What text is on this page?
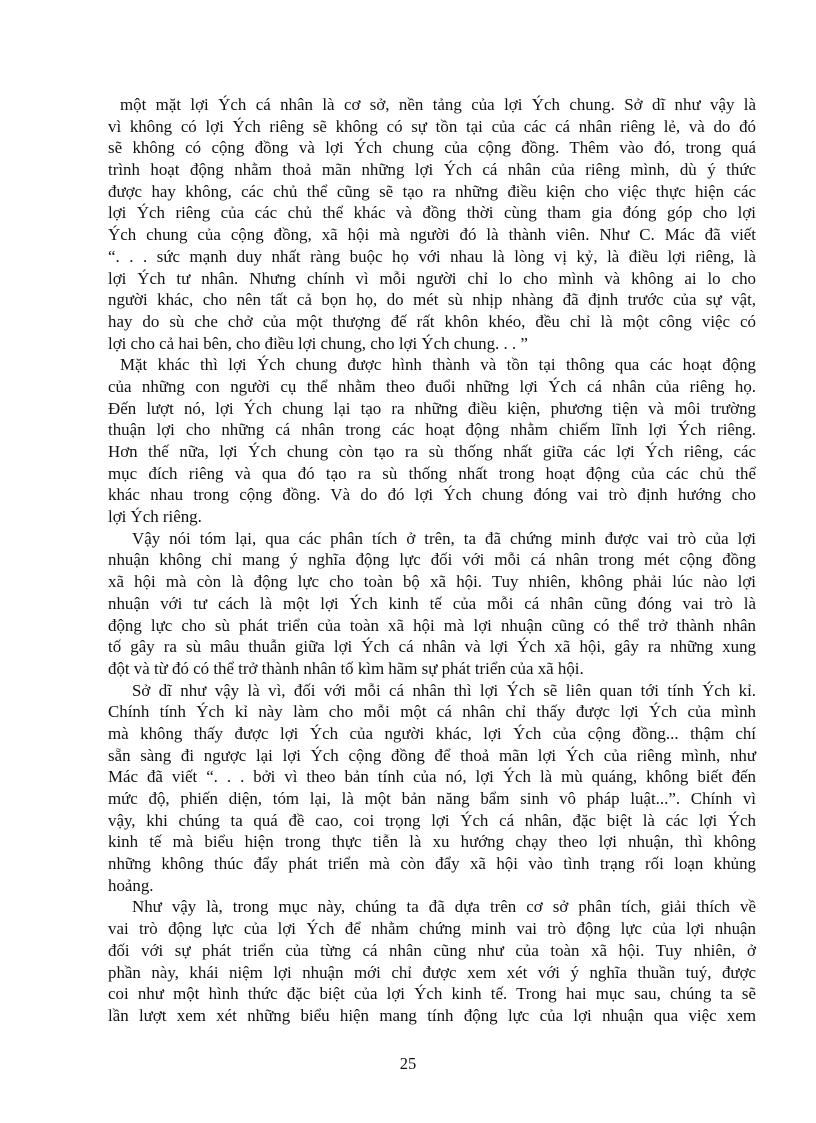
một mặt lợi Ých cá nhân là cơ sở, nền tảng của lợi Ých chung. Sở dĩ như vậy là
vì không có lợi Ých riêng sẽ không có sự tồn tại của các cá nhân riêng lẻ, và do đó
sẽ không có cộng đồng và lợi Ých chung của cộng đồng. Thêm vào đó, trong quá
trình hoạt động nhằm thoả mãn những lợi Ých cá nhân của riêng mình, dù ý thức
được hay không, các chủ thể cũng sẽ tạo ra những điều kiện cho việc thực hiện các
lợi Ých riêng của các chủ thể khác và đồng thời cùng tham gia đóng góp cho lợi
Ých chung của cộng đồng, xã hội mà người đó là thành viên. Như C. Mác đã viết
“. . . sức mạnh duy nhất ràng buộc họ với nhau là lòng vị kỷ, là điều lợi riêng, là
lợi Ých tư nhân. Nhưng chính vì mỗi người chỉ lo cho mình và không ai lo cho
người khác, cho nên tất cả bọn họ, do mét sù nhịp nhàng đã định trước của sự vật,
hay do sù che chở của một thượng đế rất khôn khéo, đều chỉ là một công việc có
lợi cho cả hai bên, cho điều lợi chung, cho lợi Ých chung. . . ”
Mặt khác thì lợi Ých chung được hình thành và tồn tại thông qua các hoạt động
của những con người cụ thể nhằm theo đuổi những lợi Ých cá nhân của riêng họ.
Đến lượt nó, lợi Ých chung lại tạo ra những điều kiện, phương tiện và môi trường
thuận lợi cho những cá nhân trong các hoạt động nhằm chiếm lĩnh lợi Ých riêng.
Hơn thế nữa, lợi Ých chung còn tạo ra sù thống nhất giữa các lợi Ých riêng, các
mục đích riêng và qua đó tạo ra sù thống nhất trong hoạt động của các chủ thể
khác nhau trong cộng đồng. Và do đó lợi Ých chung đóng vai trò định hướng cho
lợi Ých riêng.
Vậy nói tóm lại, qua các phân tích ở trên, ta đã chứng minh được vai trò của lợi
nhuận không chỉ mang ý nghĩa động lực đối với mỗi cá nhân trong mét cộng đồng
xã hội mà còn là động lực cho toàn bộ xã hội. Tuy nhiên, không phải lúc nào lợi
nhuận với tư cách là một lợi Ých kinh tế của mỗi cá nhân cũng đóng vai trò là
động lực cho sù phát triển của toàn xã hội mà lợi nhuận cũng có thể trở thành nhân
tố gây ra sù mâu thuẫn giữa lợi Ých cá nhân và lợi Ých xã hội, gây ra những xung
đột và từ đó có thể trở thành nhân tố kìm hãm sự phát triển của xã hội.
Sở dĩ như vậy là vì, đối với mỗi cá nhân thì lợi Ých sẽ liên quan tới tính Ých kỉ.
Chính tính Ých kỉ này làm cho mỗi một cá nhân chỉ thấy được lợi Ých của mình
mà không thấy được lợi Ých của người khác, lợi Ých của cộng đồng... thậm chí
sẵn sàng đi ngược lại lợi Ých cộng đồng để thoả mãn lợi Ých của riêng mình, như
Mác đã viết “. . . bởi vì theo bản tính của nó, lợi Ých là mù quáng, không biết đến
mức độ, phiến diện, tóm lại, là một bản năng bẩm sinh vô pháp luật...”. Chính vì
vậy, khi chúng ta quá đề cao, coi trọng lợi Ých cá nhân, đặc biệt là các lợi Ých
kinh tế mà biểu hiện trong thực tiễn là xu hướng chạy theo lợi nhuận, thì không
những không thúc đẩy phát triển mà còn đẩy xã hội vào tình trạng rối loạn khủng
hoảng.
Như vậy là, trong mục này, chúng ta đã dựa trên cơ sở phân tích, giải thích về
vai trò động lực của lợi Ých để nhằm chứng minh vai trò động lực của lợi nhuận
đối với sự phát triển của từng cá nhân cũng như của toàn xã hội. Tuy nhiên, ở
phần này, khái niệm lợi nhuận mới chỉ được xem xét với ý nghĩa thuần tuý, được
coi như một hình thức đặc biệt của lợi Ých kinh tế. Trong hai mục sau, chúng ta sẽ
lần lượt xem xét những biểu hiện mang tính động lực của lợi nhuận qua việc xem
25
